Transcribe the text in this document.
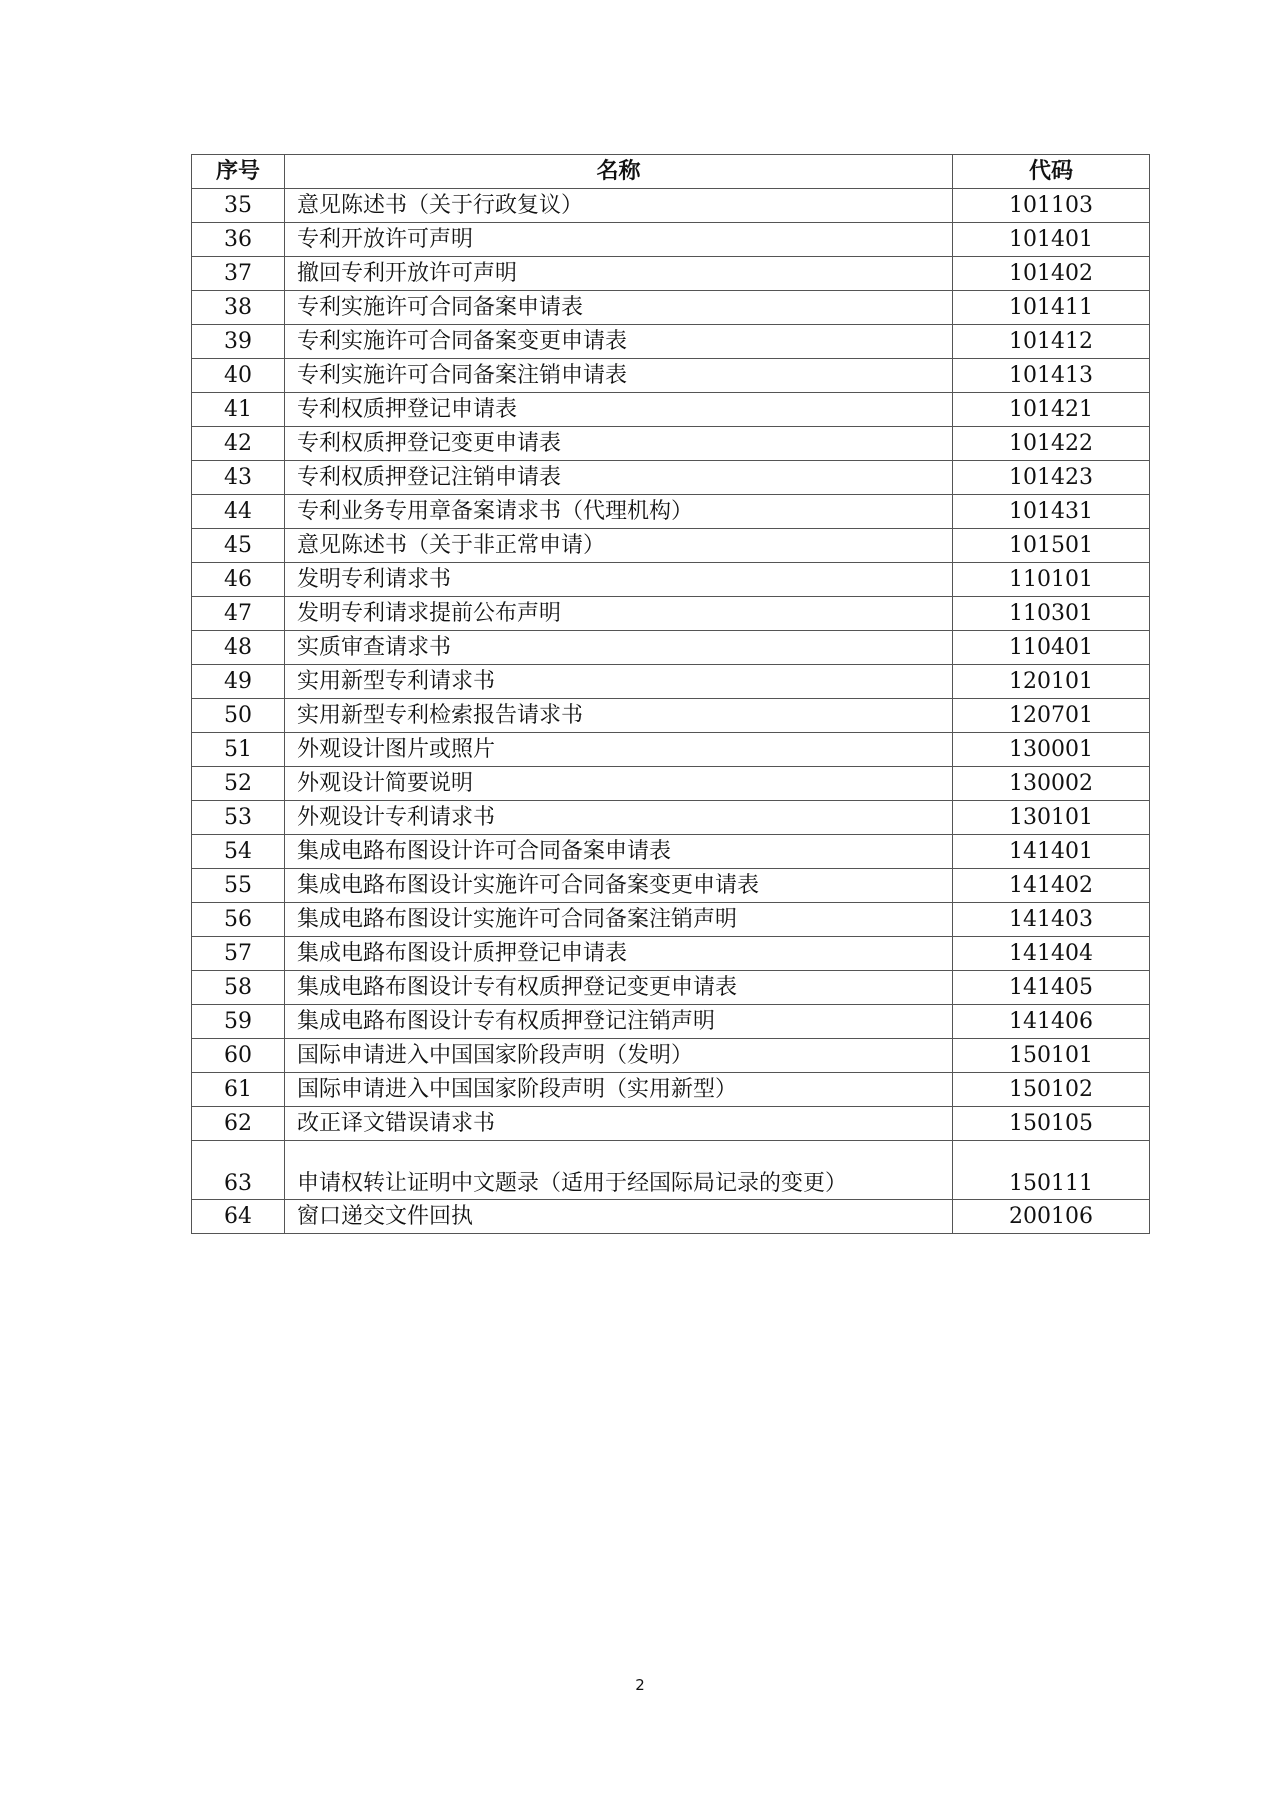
序号	名称	代码
35	意见陈述书（关于行政复议）	101103
36	专利开放许可声明	101401
37	撤回专利开放许可声明	101402
38	专利实施许可合同备案申请表	101411
39	专利实施许可合同备案变更申请表	101412
40	专利实施许可合同备案注销申请表	101413
41	专利权质押登记申请表	101421
42	专利权质押登记变更申请表	101422
43	专利权质押登记注销申请表	101423
44	专利业务专用章备案请求书（代理机构）	101431
45	意见陈述书（关于非正常申请）	101501
46	发明专利请求书	110101
47	发明专利请求提前公布声明	110301
48	实质审查请求书	110401
49	实用新型专利请求书	120101
50	实用新型专利检索报告请求书	120701
51	外观设计图片或照片	130001
52	外观设计简要说明	130002
53	外观设计专利请求书	130101
54	集成电路布图设计许可合同备案申请表	141401
55	集成电路布图设计实施许可合同备案变更申请表	141402
56	集成电路布图设计实施许可合同备案注销声明	141403
57	集成电路布图设计质押登记申请表	141404
58	集成电路布图设计专有权质押登记变更申请表	141405
59	集成电路布图设计专有权质押登记注销声明	141406
60	国际申请进入中国国家阶段声明（发明）	150101
61	国际申请进入中国国家阶段声明（实用新型）	150102
62	改正译文错误请求书	150105
63	申请权转让证明中文题录（适用于经国际局记录的变更）	150111
64	窗口递交文件回执	200106
2
